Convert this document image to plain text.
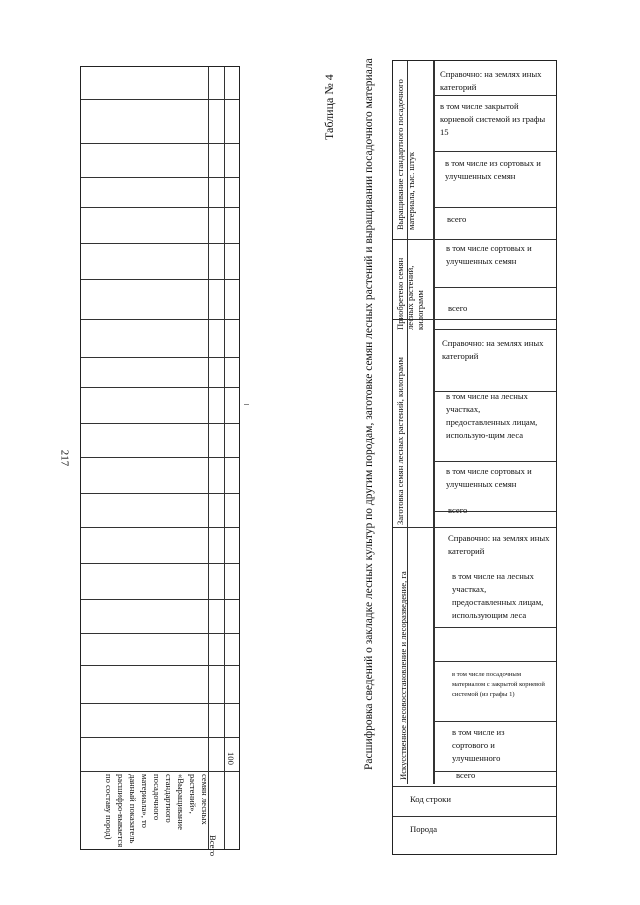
семян лесных растений», «Выращивание стандартного посадочного материала», то данный показатель расшифро-вывается по составу пород)
Всего
100
217
Таблица № 4 Расшифровка сведений о закладке лесных культур по другим породам, заготовке семян лесных растений и выращивании посадочного материала Выращивание стандартного посадочного материала, тыс. штук
Приобретено семян лесных растений, килограмм
Заготовка семян лесных растений, килограмм
Искусственное лесовосстановление и лесоразведение, га
Справочно: на землях иных категорий
в том числе закрытой корневой системой из графы 15
в том числе из сортовых и улучшенных семян
всего
в том числе сортовых и улучшенных семян
всего
Справочно: на землях иных категорий
в том числе на лесных участках, предоставленных лицам, использую-щим леса
в том числе сортовых и улучшенных семян
всего
Справочно: на землях иных категорий
в том числе на лесных участках, предоставленных лицам, использующим леса
в том числе посадочным материалом с закрытой корневой системой (из графы 1)
в том числе из сортового и улучшенного
всего
Код строки
Порода
